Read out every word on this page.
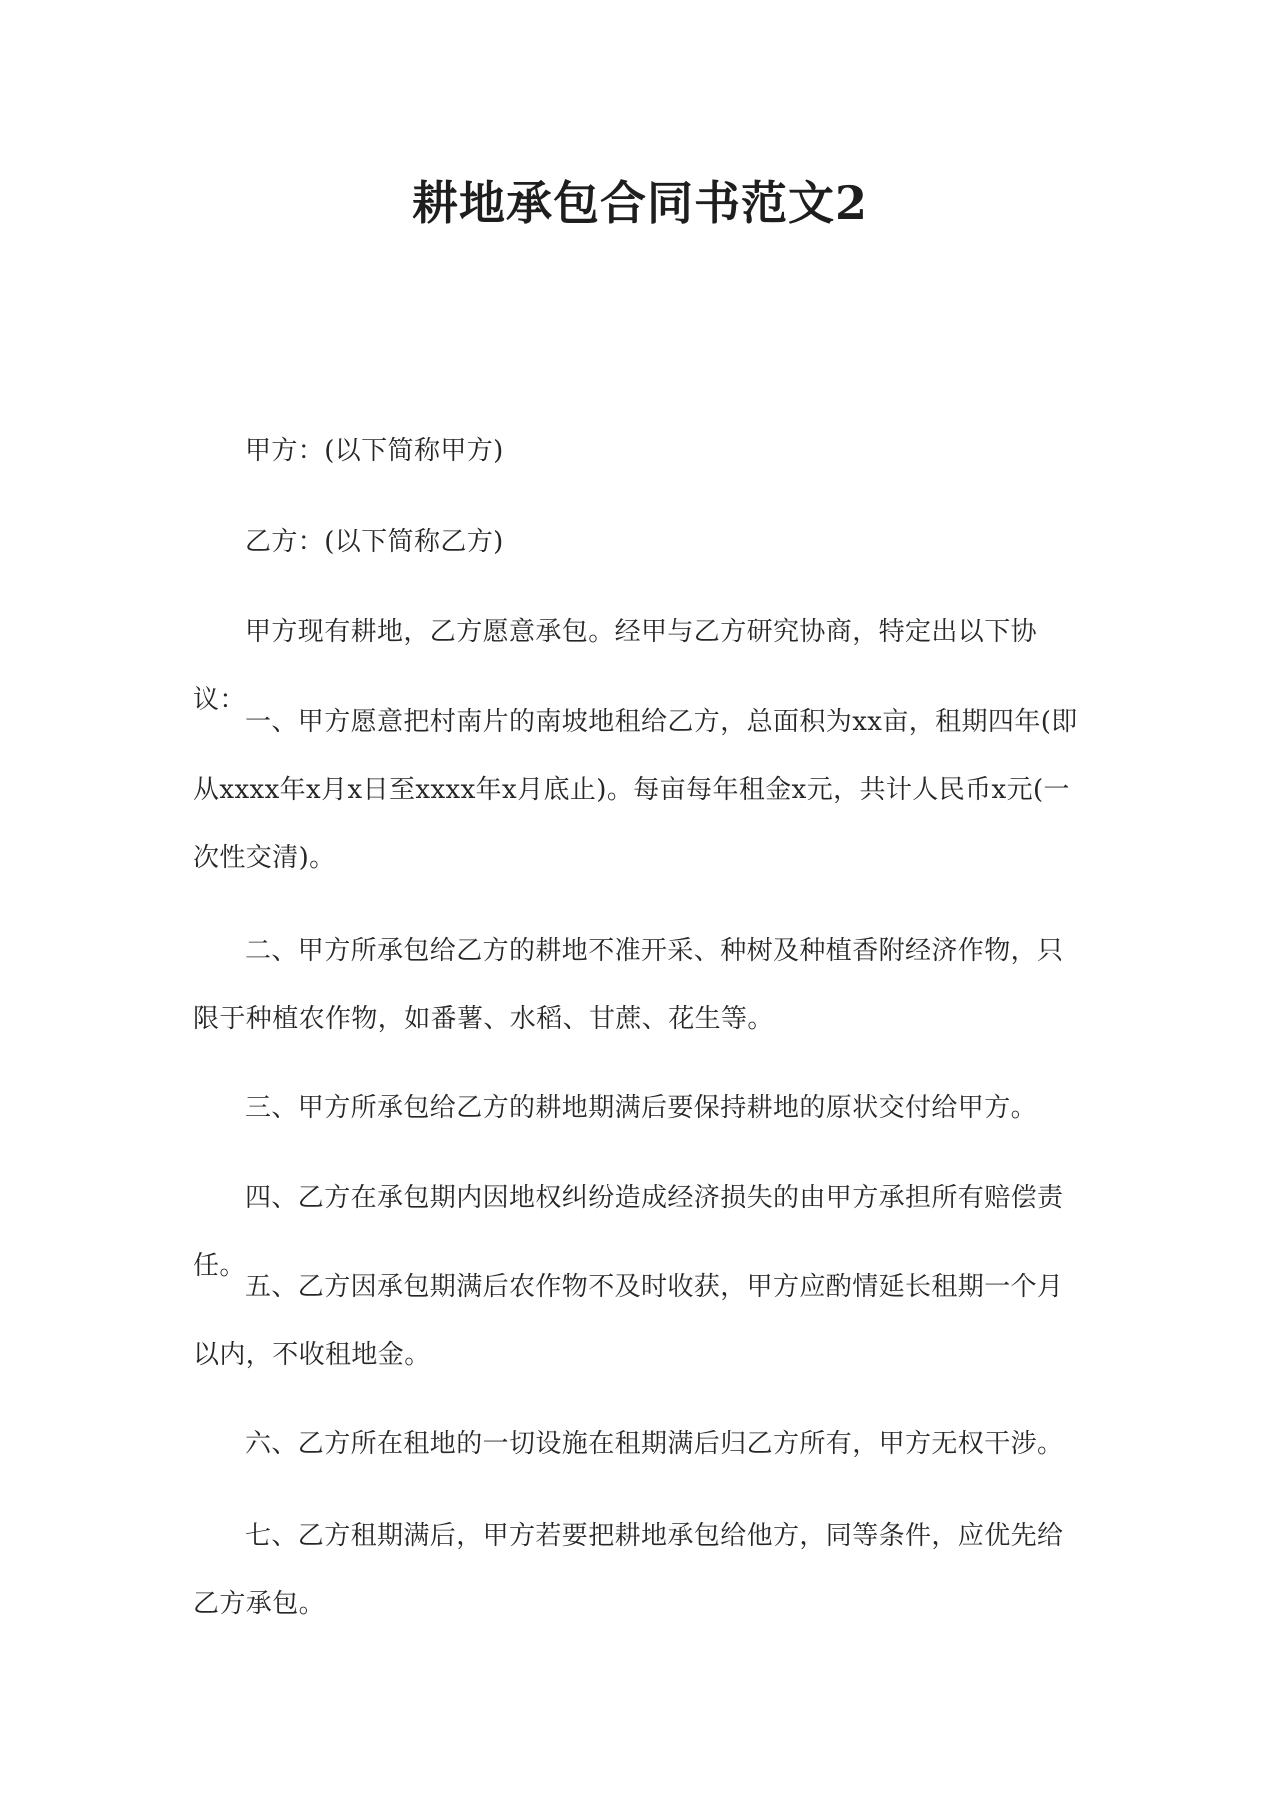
耕地承包合同书范文2

甲方：(以下简称甲方)

乙方：(以下简称乙方)

甲方现有耕地，乙方愿意承包。经甲与乙方研究协商，特定出以下协议：

一、甲方愿意把村南片的南坡地租给乙方，总面积为xx亩，租期四年(即从xxxx年x月x日至xxxx年x月底止)。每亩每年租金x元，共计人民币x元(一次性交清)。

二、甲方所承包给乙方的耕地不准开采、种树及种植香附经济作物，只限于种植农作物，如番薯、水稻、甘蔗、花生等。

三、甲方所承包给乙方的耕地期满后要保持耕地的原状交付给甲方。

四、乙方在承包期内因地权纠纷造成经济损失的由甲方承担所有赔偿责任。

五、乙方因承包期满后农作物不及时收获，甲方应酌情延长租期一个月以内，不收租地金。

六、乙方所在租地的一切设施在租期满后归乙方所有，甲方无权干涉。

七、乙方租期满后，甲方若要把耕地承包给他方，同等条件，应优先给乙方承包。
